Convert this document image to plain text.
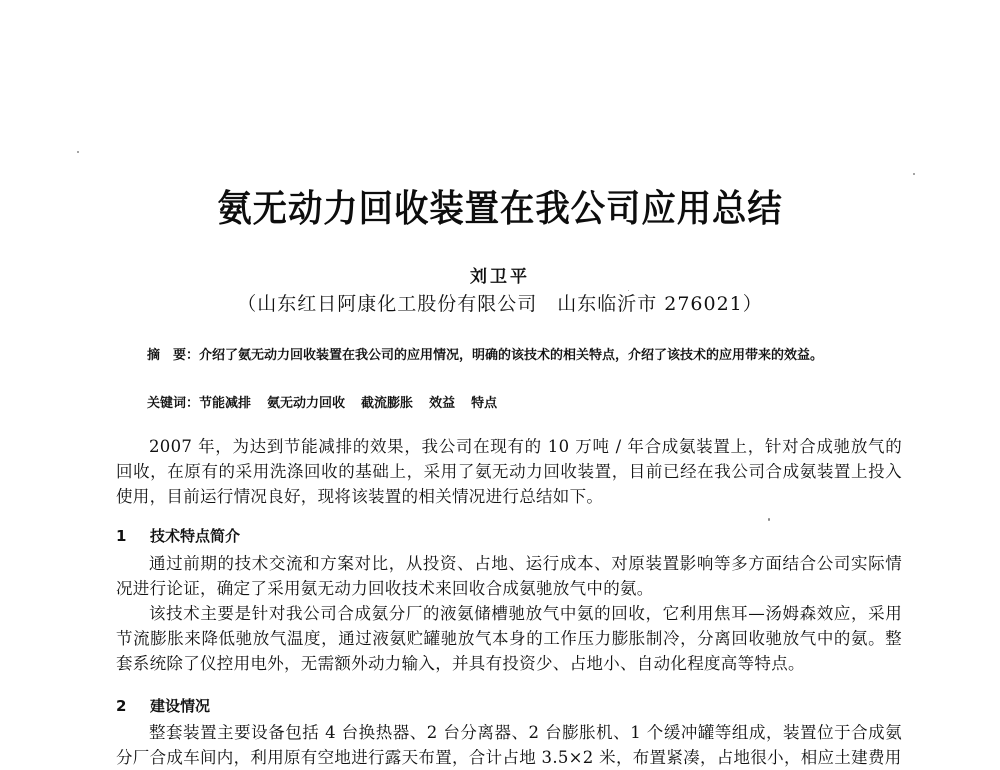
氨无动力回收装置在我公司应用总结
刘卫平
（山东红日阿康化工股份有限公司　山东临沂市 276021）
摘　要：介绍了氨无动力回收装置在我公司的应用情况，明确的该技术的相关特点，介绍了该技术的应用带来的效益。
关键词：节能减排 氨无动力回收 截流膨胀 效益 特点

2007 年，为达到节能减排的效果，我公司在现有的 10 万吨 / 年合成氨装置上，针对合成驰放气的回收，在原有的采用洗涤回收的基础上，采用了氨无动力回收装置，目前已经在我公司合成氨装置上投入使用，目前运行情况良好，现将该装置的相关情况进行总结如下。

1 技术特点简介

通过前期的技术交流和方案对比，从投资、占地、运行成本、对原装置影响等多方面结合公司实际情况进行论证，确定了采用氨无动力回收技术来回收合成氨驰放气中的氨。

该技术主要是针对我公司合成氨分厂的液氨储槽驰放气中氨的回收，它利用焦耳—汤姆森效应，采用节流膨胀来降低驰放气温度，通过液氨贮罐驰放气本身的工作压力膨胀制冷，分离回收驰放气中的氨。整套系统除了仪控用电外，无需额外动力输入，并具有投资少、占地小、自动化程度高等特点。

2 建设情况

整套装置主要设备包括 4 台换热器、2 台分离器、2 台膨胀机、1 个缓冲罐等组成，装置位于合成氨分厂合成车间内，利用原有空地进行露天布置，合计占地 3.5×2 米，布置紧凑，占地很小，相应土建费用
